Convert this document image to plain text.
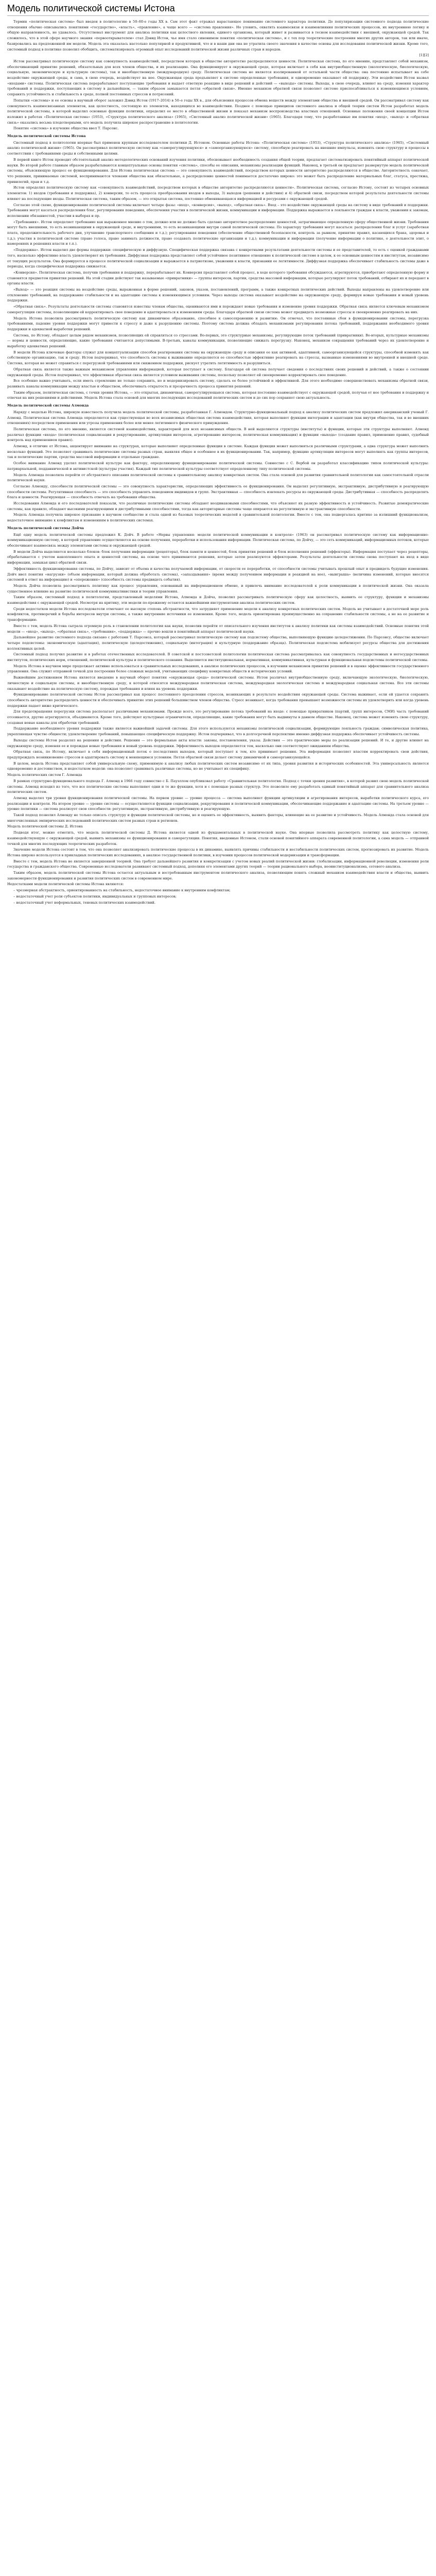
Модель политической системы Истона

Термин «политическая система» был введен в политологию в 50–60-е годы XX в. Сам этот факт отражал нарастающее понимание системного характера политики. До популяризации системного подхода политические отношения обычно описывались понятиями «государство», «власть», «правление», а чаще всего — «система правления». Но уловить, охватить взаимосвязи и взаимовлияния политических процессов, их внутреннюю логику и общую направленность, не удавалось. Отсутствовал инструмент для анализа политики как целостного явления, единого организма, который живет и развивается в тесном взаимодействии с внешней, окружающей средой. Так сложилось, что в этой сфере научного знания «первооткрывателем» стал Дэвид Истон, чье имя стало синонимом понятия «политическая система», и с тех пор теоретические построения многих других авторов, так или иначе, базировались на предложенной им модели. Модель эта оказалась настолько популярной и продуктивной, что и в наши дни она не утратила своего значения в качестве основы для исследования политической жизни. Кроме того, системный подход в политике позволил обобщить, систематизировать огромный опыт исследований политической жизни различных стран и народов.

[1][2]

Истон рассматривал политическую систему как совокупность взаимодействий, посредством которых в обществе авторитетно распределяются ценности. Политическая система, по его мнению, представляет собой механизм, обеспечивающий принятие решений, обязательных для всех членов общества, и их реализацию. Она функционирует в окружающей среде, которая включает в себя как внутриобщественную (экологическую, биологическую, социальную, экономическую и культурную системы), так и внеобщественную (международную) среду. Политическая система не является изолированной от остальной части общества: она постоянно испытывает на себе воздействие окружающей среды, и сама, в свою очередь, воздействует на нее. Окружающая среда предъявляет к системе определенные требования, и одновременно оказывает ей поддержку. Эти воздействия Истон назвал «входами» системы. Политическая система перерабатывает поступающие требования и выдает ответную реакцию в виде решений и действий — «выходы» системы. Выходы, в свою очередь, влияют на среду, изменяя характер требований и поддержки, поступающих в систему в дальнейшем, — таким образом замыкается петля «обратной связи». Именно механизм обратной связи позволяет системе приспосабливаться к изменяющимся условиям, сохранять устойчивость и стабильность в среде, полной постоянных стрессов и потрясений.

Попытки «системы» и ее основы в научный оборот заложил Дэвид Истон (1917–2014) в 50–е годы XX в., для объяснения процессов обмена веществ между элементами общества и внешней средой. Он рассматривал систему как совокупность взаимосвязанных элементов, как целостность, состоящую из элементов, находящихся во взаимодействии. Позднее с помощью принципов системного анализа и общей теории систем Истон разработал модель политической системы, в которой выделил основные функции политики, определил ее место в общественной жизни и показал механизм воспроизводства властных отношений. Основные положения своей концепции Истон изложил в работах «Политическая система» (1953), «Структура политического анализа» (1965), «Системный анализ политической жизни» (1965). Благодаря тому, что разработанные им понятия «вход», «выход» и «обратная связь» оказались весьма плодотворными, его модель получила широкое распространение в политологии.

Понятие «система» в изучение общества ввел Т. Парсонс.

Модель политической системы Истона

Системный подход в политологии впервые был применен крупным исследователем политики Д. Истоном. Основные работы Истона: «Политическая система» (1953), «Структура политического анализа» (1965), «Системный анализ политической жизни» (1965). Он рассматривал политическую систему как «саморегулирующуюся» и «самоорганизующуюся» систему, способную реагировать на внешние импульсы, изменять свою структуру и процессы в соответствии с требованиями среды и собственными целями.

В первой книге Истон проводит обстоятельный анализ методологических оснований изучения политики, обосновывает необходимость создания общей теории, предлагает систематизировать понятийный аппарат политической науки. Во второй работе главным образом разрабатываются концептуальные основы понятия «система», способы ее описания, механизмы реализации функций. Наконец, в третьей он предлагает развернутую модель политической системы, объясняющую процесс ее функционирования. Для Истона политическая система — это совокупность взаимодействий, посредством которых ценности авторитетно распределяются в обществе. Авторитетность означает, что решения, принимаемые системой, воспринимаются членами общества как обязательные, а распределение ценностей понимается достаточно широко: это может быть распределение материальных благ, статуса, престижа, привилегий, прав и т.д.

Истон определил политическую систему как «совокупность взаимодействий, посредством которых в обществе авторитетно распределяются ценности». Политическая система, согласно Истону, состоит из четырех основных элементов: 1) входов (требования и поддержка), 2) конверсии, то есть процесса преобразования входов в выходы, 3) выходов (решения и действия) и 4) обратной связи, посредством которой результаты деятельности системы влияют на последующие входы. Политическая система, таким образом, — это открытая система, постоянно обменивающаяся информацией и ресурсами с окружающей средой.

Согласно этой схеме, функционирование политической системы включает четыре фазы: «вход», «конверсия», «выход», «обратная связь». Вход – это воздействие окружающей среды на систему в виде требований и поддержки. Требования могут касаться распределения благ, регулирования поведения, обеспечения участия в политической жизни, коммуникации и информации. Поддержка выражается в лояльности граждан к власти, уважении к законам, исполнении обязанностей, участии в выборах и пр.

«Требования». Истон определяет требование как выраженное мнение о том, должно или не должно быть сделано авторитетное распределение ценностей, затрагивающее определенную сферу общественной жизни. Требования могут быть внешними, то есть возникающими в окружающей среде, и внутренними, то есть возникающими внутри самой политической системы. По характеру требования могут касаться: распределения благ и услуг (заработная плата, продолжительность рабочего дня, улучшение транспортного сообщения и т.д.); регулирования поведения (обеспечение общественной безопасности, контроль за рынком, принятие правил, касающихся брака, здоровья и т.д.); участия в политической системе (право голоса, право занимать должности, право создавать политические организации и т.д.); коммуникации и информации (получение информации о политике, о деятельности элит, о намерениях и решениях власти и т.п.).

«Поддержка». Истон выделил две формы поддержки: специфическую и диффузную. Специфическая поддержка связана с конкретными результатами деятельности системы и ее представителей, то есть с оценкой гражданами того, насколько эффективно власть удовлетворяет их требования. Диффузная поддержка представляет собой устойчивое позитивное отношение к политической системе в целом, к ее основным ценностям и институтам, независимо от текущих результатов. Она формируется в процессе политической социализации и выражается в патриотизме, уважении к власти, признании ее легитимности. Диффузная поддержка обеспечивает стабильность системы даже в периоды, когда специфическая поддержка снижается.

«Конверсия». Политическая система, получив требования и поддержку, перерабатывает их. Конверсия представляет собой процесс, в ходе которого требования обсуждаются, агрегируются, приобретают определенную форму и становятся предметом принятия решений. На этой стадии действуют так называемые «привратники» — группы интересов, партии, средства массовой информации, которые регулируют поток требований, отбирают их и передают в органы власти.

«Выход» — это реакция системы на воздействие среды, выраженная в форме решений, законов, указов, постановлений, программ, а также конкретных политических действий. Выходы направлены на удовлетворение или отклонение требований, на поддержание стабильности и на адаптацию системы к изменяющимся условиям. Через выходы система оказывает воздействие на окружающую среду, формируя новые требования и новый уровень поддержки.

«Обратная связь». Результаты деятельности системы становятся известны членам общества, оцениваются ими и порождают новые требования и изменение уровня поддержки. Обратная связь является ключевым механизмом саморегуляции системы, позволяющим ей корректировать свое поведение и адаптироваться к изменениям среды. Благодаря обратной связи система может предвидеть возможные стрессы и своевременно реагировать на них.

Модель Истона позволила рассматривать политическую систему как динамичное образование, способное к самосохранению и развитию. Он отмечал, что постоянные сбои в функционировании системы, перегрузка требованиями, падение уровня поддержки могут привести к стрессу и даже к разрушению системы. Поэтому система должна обладать механизмами регулирования потока требований, поддержания необходимого уровня поддержки и адекватной выработки решений.

Система, по Истону, обладает целым рядом механизмов, позволяющих ей справляться со стрессами. Во-первых, это структурные механизмы, регулирующие поток требований (привратники). Во-вторых, культурные механизмы — нормы и ценности, определяющие, какие требования считаются допустимыми. В-третьих, каналы коммуникации, позволяющие снижать перегрузку. Наконец, механизм сокращения требований через их удовлетворение и выработку адекватных решений.

В модели Истона ключевые факторы служат для концептуализации способов реагирования системы на окружающую среду и описания ее как активной, адаптивной, самоорганизующейся структуры, способной изменять как собственную организацию, так и среду. Истон подчеркивал, что способность системы к выживанию определяется ее способностью эффективно реагировать на стрессы, вызванные изменениями во внутренней и внешней среде. Система, которая не может справиться с перегрузкой требованиями или снижением поддержки, рискует утратить легитимность и разрушиться.

Обратная связь является также важным механизмом управления информацией, которая поступает в систему. Благодаря ей система получает сведения о последствиях своих решений и действий, а также о состоянии окружающей среды. Истон подчеркивал, что эффективная обратная связь является условием выживания системы, поскольку позволяет ей своевременно корректировать свое поведение.

Все особенно важно учитывать, если иметь стремление не только сохранить, но и модернизировать систему, сделать ее более устойчивой и эффективной. Для этого необходимо совершенствовать механизмы обратной связи, развивать каналы коммуникации между властью и обществом, обеспечивать открытость и прозрачность процесса принятия решений.

Таким образом, политическая система, с точки зрения Истона, — это открытая, динамичная, саморегулирующаяся система, которая постоянно взаимодействует с окружающей средой, получая от нее требования и поддержку и отвечая на них решениями и действиями. Модель Истона стала основой для многих последующих исследований политических систем и до сих пор сохраняет свою актуальность.

Модель политической системы Алмонда

Наряду с моделью Истона, широкую известность получила модель политической системы, разработанная Г. Алмондом. Структурно-функциональный подход к анализу политических систем предложил американский ученый Г. Алмонд. Политическая система Алмонда определяется как существующая во всех независимых обществах система взаимодействия, которая выполняет функции интеграции и адаптации (как внутри общества, так и во внешних отношениях) посредством применения или угрозы применения более или менее легитимного физического принуждения.

Политическая система, по его мнению, является системой взаимодействия, характерной для всех независимых обществ. В ней выделяются структуры (институты) и функции, которые эти структуры выполняют. Алмонд различал функции «входа» (политическая социализация и рекрутирование, артикуляция интересов, агрегирование интересов, политическая коммуникация) и функции «выхода» (создание правил, применение правил, судебный контроль над применением правил).

Алмонд, в отличие от Истона, акцентирует внимание на структурах, которые выполняют определенные функции в системе. Каждая функция может выполняться различными структурами, а одна структура может выполнять несколько функций. Это позволяет сравнивать политические системы разных стран, выявляя общее и особенное в их функционировании. Так, например, функцию артикуляции интересов могут выполнять как группы интересов, так и политические партии, средства массовой информации и отдельные граждане.

Особое внимание Алмонд уделял политической культуре как фактору, определяющему функционирование политической системы. Совместно с С. Вербой он разработал классификацию типов политической культуры: патриархальной, подданнической и активистской (культуры участия). Каждый тип политической культуры соответствует определенному типу политической системы.

Модель Алмонда позволила перейти от абстрактного описания политической системы к сравнительному анализу конкретных систем. Она стала основой для развития сравнительной политологии как самостоятельной отрасли политической науки.

Согласно Алмонду, способности политической системы — это совокупность характеристик, определяющих эффективность ее функционирования. Он выделял регулятивную, экстрактивную, дистрибутивную и реагирующую способности системы. Регулятивная способность — это способность управлять поведением индивидов и групп. Экстрактивная — способность извлекать ресурсы из окружающей среды. Дистрибутивная — способность распределять блага и ценности. Реагирующая — способность отвечать на требования общества.

Исследования Алмонда и его последователей показали, что различные политические системы обладают неодинаковыми способностями, что объясняет их разную эффективность и устойчивость. Развитые демократические системы, как правило, обладают высокими реагирующими и дистрибутивными способностями, тогда как авторитарные системы чаще опираются на регулятивную и экстрактивную способности.

Модель Алмонда получила широкое признание в научном сообществе и стала одной из базовых теоретических моделей в сравнительной политологии. Вместе с тем, она подвергалась критике за излишний функционализм, недостаточное внимание к конфликтам и изменениям в политических системах.

Модель политической системы Дойча

Ещё одну модель политической системы предложил К. Дойч. В работе «Нервы управления: модели политической коммуникации и контроля» (1963) он рассматривал политическую систему как информационно-коммуникационную систему, в которой управление осуществляется на основе получения, переработки и использования информации. Политическая система, по Дойчу, — это сеть коммуникаций, информационных потоков, которые обеспечивают взаимосвязь между элементами системы и окружающей средой.

В модели Дойча выделяются несколько блоков: блок получения информации (рецепторы), блок памяти и ценностей, блок принятия решений и блок исполнения решений (эффекторы). Информация поступает через рецепторы, обрабатывается с учетом накопленного опыта и ценностей системы, на основе чего принимаются решения, которые затем реализуются эффекторами. Результаты деятельности системы снова поступают на вход в виде информации, замыкая цикл обратной связи.

Эффективность функционирования системы, по Дойчу, зависит от объема и качества получаемой информации, от скорости ее переработки, от способности системы учитывать прошлый опыт и предвидеть будущие изменения. Дойч ввел понятия «нагрузки» (объем информации, который должна обработать система), «запаздывания» (время между получением информации и реакцией на нее), «выигрыша» (величина изменений, которые вносятся системой в ответ на информацию) и «опережения» (способность системы предвидеть события).

Модель Дойча позволила рассматривать политику как процесс управления, основанный на информационном обмене, и привлечь внимание исследователей к роли коммуникации в политической жизни. Она оказала существенное влияние на развитие политической коммуникативистики и теории управления.

Таким образом, системный подход в политологии, представленный моделями Истона, Алмонда и Дойча, позволил рассматривать политическую сферу как целостность, выявить ее структуру, функции и механизмы взаимодействия с окружающей средой. Несмотря на критику, эти модели по-прежнему остаются важнейшими инструментами анализа политических систем.

Среди недостатков модели Истона исследователи отмечают ее высокую степень абстрактности, что затрудняет применение модели к анализу конкретных политических систем. Модель не учитывает в достаточной мере роль конфликтов, противоречий и борьбы интересов внутри системы, а также внутренние источники ее изменения. Кроме того, модель ориентирована преимущественно на сохранение стабильности системы, а не на ее развитие и трансформацию.

Вместе с тем, модель Истона сыграла огромную роль в становлении политологии как науки, позволив перейти от описательного изучения институтов к анализу политики как системы взаимодействий. Основные понятия этой модели — «вход», «выход», «обратная связь», «требования», «поддержка» — прочно вошли в понятийный аппарат политической науки.

Дальнейшее развитие системного подхода связано с работами Т. Парсонса, который рассматривал политическую систему как подсистему общества, выполняющую функцию целедостижения. По Парсонсу, общество включает четыре подсистемы: экономическую (адаптация), политическую (целедостижение), социальную (интеграция) и культурную (поддержание образца). Политическая подсистема мобилизует ресурсы общества для достижения коллективных целей.

Системный подход получил развитие и в работах отечественных исследователей. В советской и постсоветской политологии политическая система рассматривалась как совокупность государственных и негосударственных институтов, политических норм, отношений, политической культуры и политического сознания. Выделяются институциональная, нормативная, коммуникативная, культурная и функциональная подсистемы политической системы.

Модель Истона в научном мире продолжает активно использоваться в сравнительных исследованиях, в анализе политических процессов, в изучении механизмов принятия решений и в оценке эффективности государственного управления. Она служит отправной точкой для построения более сложных моделей, учитывающих специфику конкретных обществ и исторических условий.

Важнейшим достижением Истона является введение в научный оборот понятия «окружающая среда» политической системы. Истон различал внутриобщественную среду, включающую экологическую, биологическую, личностную и социальную системы, и внеобщественную среду, к которой относятся международная политическая система, международная экологическая система и международная социальная система. Все эти системы оказывают воздействие на политическую систему, порождая требования и влияя на уровень поддержки.

Функционирование политической системы Истон рассматривал как процесс постоянного преодоления стрессов, возникающих в результате воздействия окружающей среды. Система выживает, если ей удается сохранять способность авторитетно распределять ценности и обеспечивать принятие этих решений большинством членов общества. Стресс возникает, когда требования превышают возможности системы их удовлетворить или когда уровень поддержки падает ниже критического.

Для предотвращения перегрузки система располагает различными механизмами. Прежде всего, это регулирование потока требований на входе: с помощью привратников (партий, групп интересов, СМИ) часть требований отсеивается, другие агрегируются, объединяются. Кроме того, действуют культурные ограничители, определяющие, какие требования могут быть выдвинуты в данном обществе. Наконец, система может изменять свою структуру, создавая новые каналы для обработки требований.

Поддержание необходимого уровня поддержки также является важнейшей задачей системы. Для этого используются механизмы политической социализации, формирующие лояльность граждан; символическая политика, укрепляющая чувство общности; удовлетворение требований, повышающее специфическую поддержку. Истон подчеркивал, что в долгосрочной перспективе именно диффузная поддержка обеспечивает устойчивость системы.

Выходы системы Истон разделял на решения и действия. Решения — это формальные акты власти: законы, постановления, указы. Действия — это практические меры по реализации решений. И те, и другие влияют на окружающую среду, изменяя ее и порождая новые требования и новый уровень поддержки. Эффективность выходов определяется тем, насколько они соответствуют ожиданиям общества.

Обратная связь, по Истону, включает в себя информационный поток о последствиях выходов, который поступает к тем, кто принимает решения. Эта информация позволяет властям корректировать свои действия, предупреждать возникновение стрессов и адаптировать систему к меняющимся условиям. Петля обратной связи делает систему динамичной и самоорганизующейся.

В целом, модель Истона представляет собой универсальную схему, применимую к анализу любых политических систем независимо от их типа, уровня развития и исторических особенностей. Эта универсальность является одновременно и достоинством, и недостатком модели: она позволяет сравнивать различные системы, но не учитывает их специфику.

Модель политических систем Г. Алмонда

В рамках структурно-функционального подхода Г. Алмонд в 1966 году совместно с Б. Пауэллом опубликовал работу «Сравнительная политология. Подход с точки зрения развития», в которой развил свою модель политической системы. Алмонд исходил из того, что все политические системы выполняют одни и те же функции, хотя и с помощью разных структур. Это позволило ему разработать единый понятийный аппарат для сравнительного анализа политических систем.

Алмонд выделял три уровня функционирования политической системы. На первом уровне — уровне процесса — система выполняет функции артикуляции и агрегирования интересов, выработки политического курса, его реализации и контроля. На втором уровне — уровне системы — осуществляются функции социализации, рекрутирования и политической коммуникации, обеспечивающие поддержание и адаптацию системы. На третьем уровне — уровне политики — система реализует свои способности: регулятивную, экстрактивную, дистрибутивную и реагирующую.

Такой подход позволил Алмонду не только описать структуру и функции политической системы, но и оценить ее эффективность, выявить факторы, влияющие на ее развитие и устойчивость. Модель Алмонда стала основой для многочисленных эмпирических исследований политических систем разных стран и регионов.

Модель политической системы Д. Истона

Подводя итог, можно отметить, что модель политической системы Д. Истона является одной из фундаментальных в политической науке. Она впервые позволила рассмотреть политику как целостную систему, взаимодействующую с окружающей средой, выявить механизмы ее функционирования и саморегуляции. Понятия, введенные Истоном, стали основой понятийного аппарата современной политологии, а сама модель — отправной точкой для многих последующих теоретических разработок.

Значение модели Истона состоит в том, что она позволяет анализировать политические процессы в их динамике, выявлять причины стабильности и нестабильности политических систем, прогнозировать их развитие. Модель Истона широко используется в прикладных политических исследованиях, в анализе государственной политики, в изучении процессов политической модернизации и трансформации.

Вместе с тем, модель Истона не является завершенной теорией. Она требует дальнейшего развития и конкретизации с учетом новых реалий политической жизни: глобализации, информационной революции, изменения роли государства и гражданского общества. Современные исследователи развивают системный подход, дополняя его элементами других теорий — теории рационального выбора, неоинституционализма, сетевого анализа.

Таким образом, модель политической системы Истона остается актуальным и востребованным инструментом политического анализа, позволяющим понять сложный механизм взаимодействия власти и общества, выявить закономерности функционирования и развития политических систем в современном мире.

Недостатками модели политической системы Истона являются:

– чрезмерная абстрактность, ориентированность на стабильность, недостаточное внимание к внутренним конфликтам;

– недостаточный учет роли субъектов политики, индивидуальных и групповых интересов;

– недостаточный учет неформальных, теневых политических взаимодействий.
